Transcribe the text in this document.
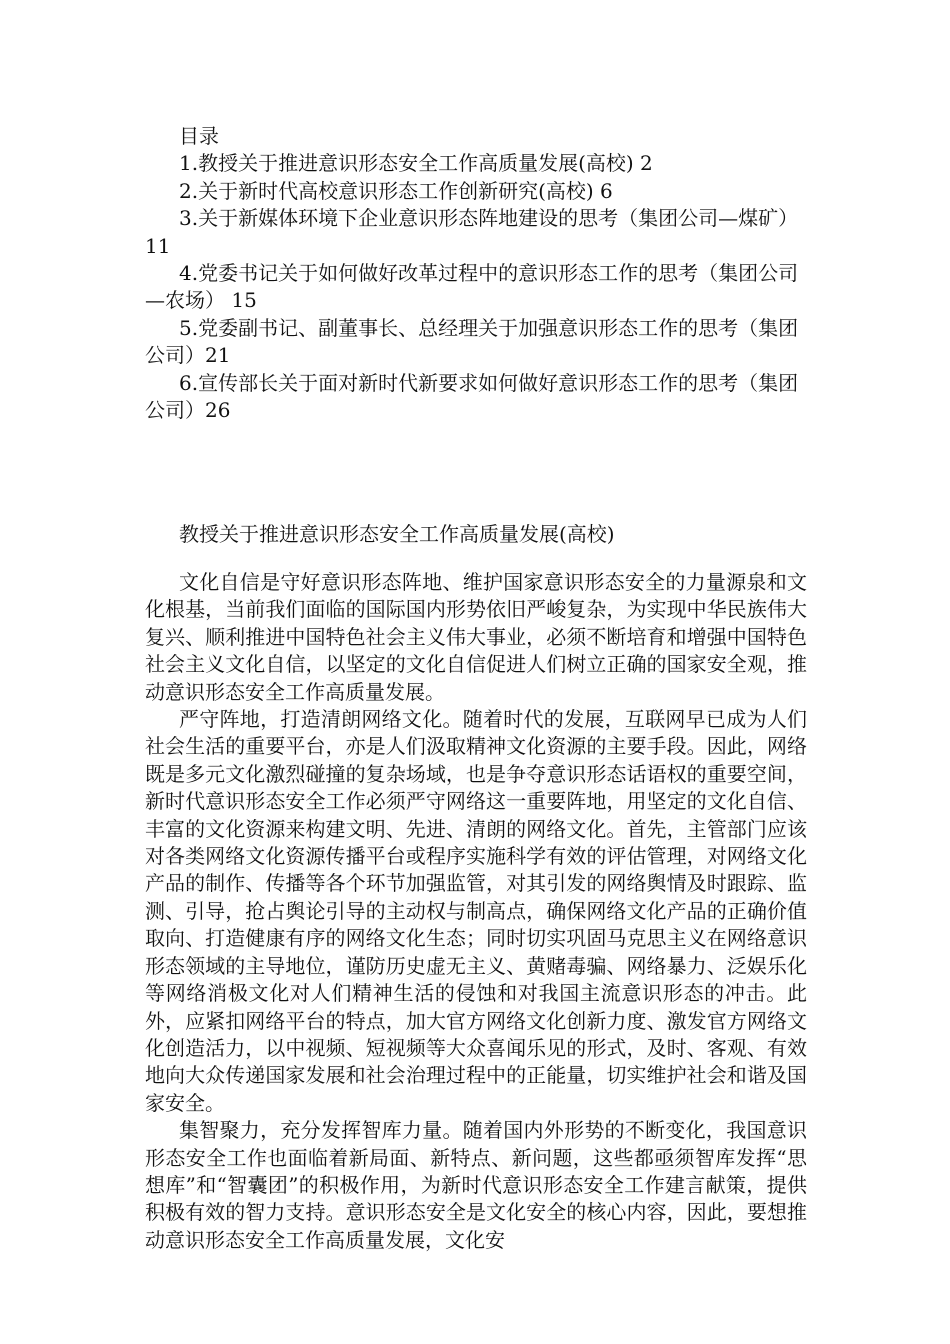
目录
1.教授关于推进意识形态安全工作高质量发展(高校) 2
2.关于新时代高校意识形态工作创新研究(高校) 6
3.关于新媒体环境下企业意识形态阵地建设的思考（集团公司—煤矿）11
4.党委书记关于如何做好改革过程中的意识形态工作的思考（集团公司—农场） 15
5.党委副书记、副董事长、总经理关于加强意识形态工作的思考（集团公司）21
6.宣传部长关于面对新时代新要求如何做好意识形态工作的思考（集团公司）26
教授关于推进意识形态安全工作高质量发展(高校)
文化自信是守好意识形态阵地、维护国家意识形态安全的力量源泉和文化根基，当前我们面临的国际国内形势依旧严峻复杂，为实现中华民族伟大复兴、顺利推进中国特色社会主义伟大事业，必须不断培育和增强中国特色社会主义文化自信，以坚定的文化自信促进人们树立正确的国家安全观，推动意识形态安全工作高质量发展。
严守阵地，打造清朗网络文化。随着时代的发展，互联网早已成为人们社会生活的重要平台，亦是人们汲取精神文化资源的主要手段。因此，网络既是多元文化激烈碰撞的复杂场域，也是争夺意识形态话语权的重要空间，新时代意识形态安全工作必须严守网络这一重要阵地，用坚定的文化自信、丰富的文化资源来构建文明、先进、清朗的网络文化。首先，主管部门应该对各类网络文化资源传播平台或程序实施科学有效的评估管理，对网络文化产品的制作、传播等各个环节加强监管，对其引发的网络舆情及时跟踪、监测、引导，抢占舆论引导的主动权与制高点，确保网络文化产品的正确价值取向、打造健康有序的网络文化生态；同时切实巩固马克思主义在网络意识形态领域的主导地位，谨防历史虚无主义、黄赌毒骗、网络暴力、泛娱乐化等网络消极文化对人们精神生活的侵蚀和对我国主流意识形态的冲击。此外，应紧扣网络平台的特点，加大官方网络文化创新力度、激发官方网络文化创造活力，以中视频、短视频等大众喜闻乐见的形式，及时、客观、有效地向大众传递国家发展和社会治理过程中的正能量，切实维护社会和谐及国家安全。
集智聚力，充分发挥智库力量。随着国内外形势的不断变化，我国意识形态安全工作也面临着新局面、新特点、新问题，这些都亟须智库发挥“思想库”和“智囊团”的积极作用，为新时代意识形态安全工作建言献策，提供积极有效的智力支持。意识形态安全是文化安全的核心内容，因此，要想推动意识形态安全工作高质量发展，文化安
